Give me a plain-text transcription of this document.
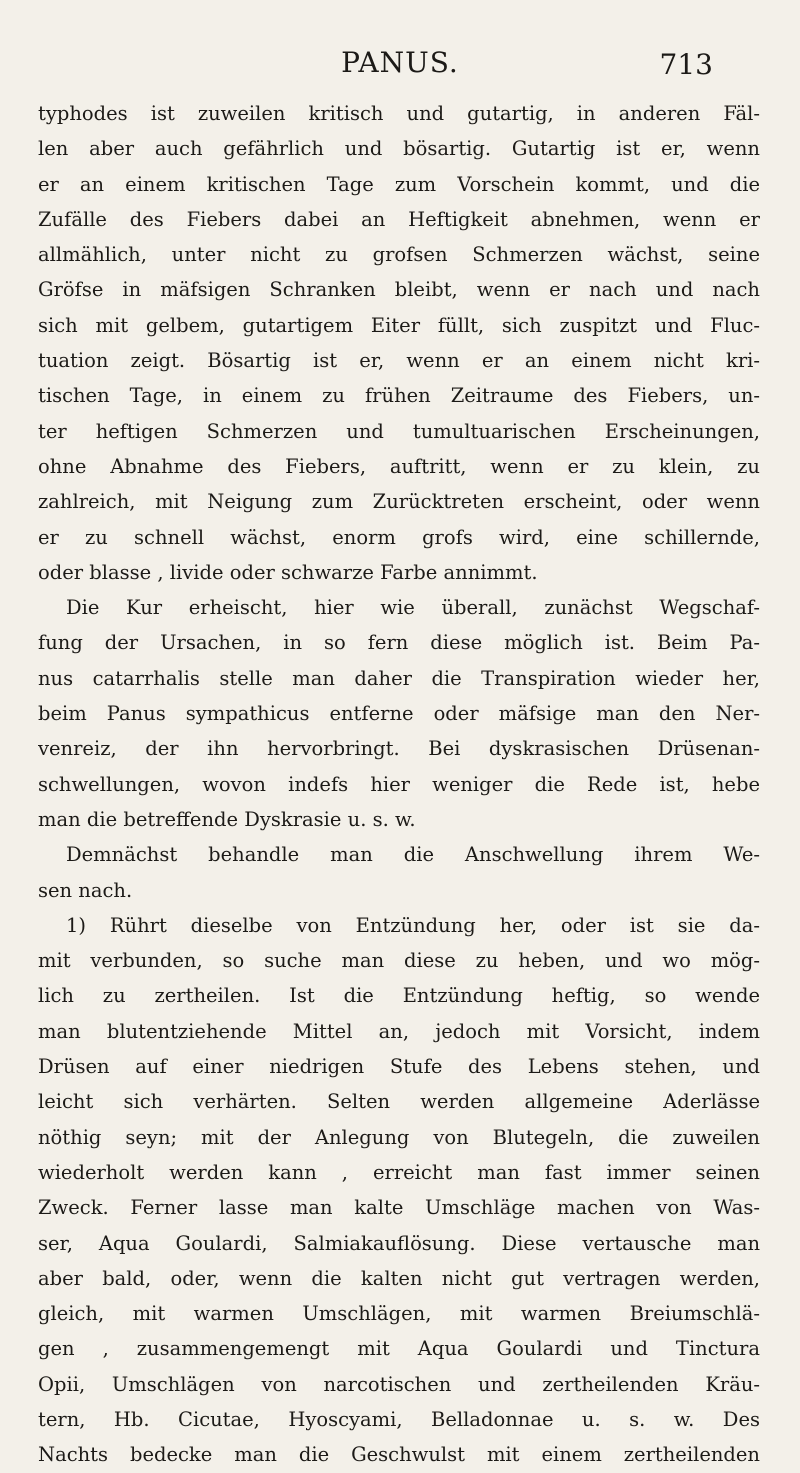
PANUS.	713
typhodes ist zuweilen kritisch und gutartig, in anderen Fäl-
len aber auch gefährlich und bösartig. Gutartig ist er, wenn
er an einem kritischen Tage zum Vorschein kommt, und die
Zufälle des Fiebers dabei an Heftigkeit abnehmen, wenn er
allmählich, unter nicht zu grofsen Schmerzen wächst, seine
Gröfse in mäfsigen Schranken bleibt, wenn er nach und nach
sich mit gelbem, gutartigem Eiter füllt, sich zuspitzt und Fluc-
tuation zeigt. Bösartig ist er, wenn er an einem nicht kri-
tischen Tage, in einem zu frühen Zeitraume des Fiebers, un-
ter heftigen Schmerzen und tumultuarischen Erscheinungen,
ohne Abnahme des Fiebers, auftritt, wenn er zu klein, zu
zahlreich, mit Neigung zum Zurücktreten erscheint, oder wenn
er zu schnell wächst, enorm grofs wird, eine schillernde,
oder blasse , livide oder schwarze Farbe annimmt.
Die Kur erheischt, hier wie überall, zunächst Wegschaf-
fung der Ursachen, in so fern diese möglich ist. Beim Pa-
nus catarrhalis stelle man daher die Transpiration wieder her,
beim Panus sympathicus entferne oder mäfsige man den Ner-
venreiz, der ihn hervorbringt. Bei dyskrasischen Drüsenan-
schwellungen, wovon indefs hier weniger die Rede ist, hebe
man die betreffende Dyskrasie u. s. w.
Demnächst behandle man die Anschwellung ihrem We-
sen nach.
1) Rührt dieselbe von Entzündung her, oder ist sie da-
mit verbunden, so suche man diese zu heben, und wo mög-
lich zu zertheilen. Ist die Entzündung heftig, so wende
man blutentziehende Mittel an, jedoch mit Vorsicht, indem
Drüsen auf einer niedrigen Stufe des Lebens stehen, und
leicht sich verhärten. Selten werden allgemeine Aderlässe
nöthig seyn; mit der Anlegung von Blutegeln, die zuweilen
wiederholt werden kann , erreicht man fast immer seinen
Zweck. Ferner lasse man kalte Umschläge machen von Was-
ser, Aqua Goulardi, Salmiakauflösung. Diese vertausche man
aber bald, oder, wenn die kalten nicht gut vertragen werden,
gleich, mit warmen Umschlägen, mit warmen Breiumschlä-
gen , zusammengemengt mit Aqua Goulardi und Tinctura
Opii, Umschlägen von narcotischen und zertheilenden Kräu-
tern, Hb. Cicutae, Hyoscyami, Belladonnae u. s. w. Des
Nachts bedecke man die Geschwulst mit einem zertheilenden
